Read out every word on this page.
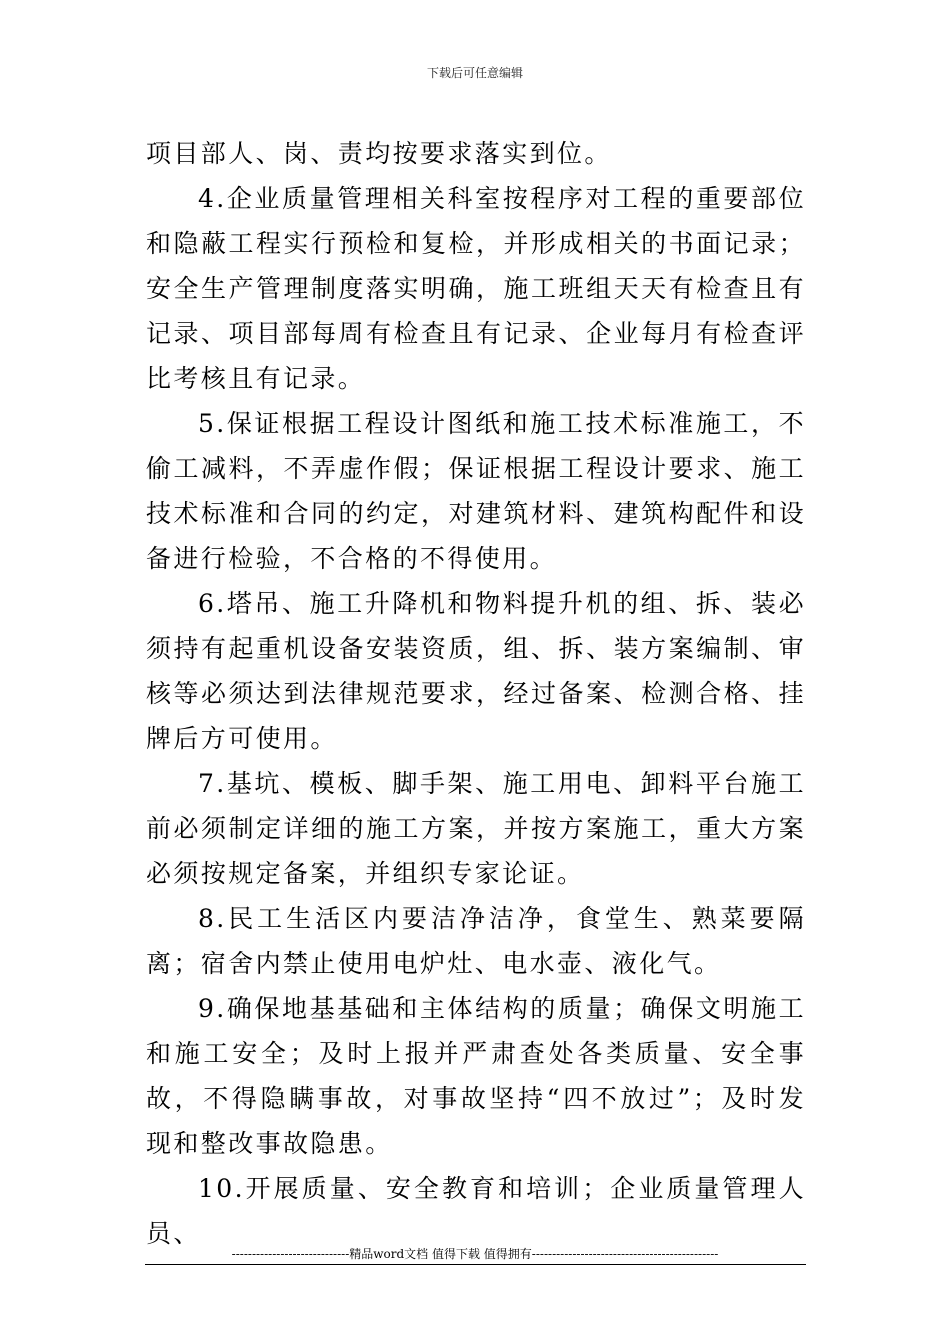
下载后可任意编辑

项目部人、岗、责均按要求落实到位。

4.企业质量管理相关科室按程序对工程的重要部位和隐蔽工程实行预检和复检，并形成相关的书面记录；安全生产管理制度落实明确，施工班组天天有检查且有记录、项目部每周有检查且有记录、企业每月有检查评比考核且有记录。

5.保证根据工程设计图纸和施工技术标准施工，不偷工减料，不弄虚作假；保证根据工程设计要求、施工技术标准和合同的约定，对建筑材料、建筑构配件和设备进行检验，不合格的不得使用。

6.塔吊、施工升降机和物料提升机的组、拆、装必须持有起重机设备安装资质，组、拆、装方案编制、审核等必须达到法律规范要求，经过备案、检测合格、挂牌后方可使用。

7.基坑、模板、脚手架、施工用电、卸料平台施工前必须制定详细的施工方案，并按方案施工，重大方案必须按规定备案，并组织专家论证。

8.民工生活区内要洁净洁净，食堂生、熟菜要隔离；宿舍内禁止使用电炉灶、电水壶、液化气。

9.确保地基基础和主体结构的质量；确保文明施工和施工安全；及时上报并严肃查处各类质量、安全事故，不得隐瞒事故，对事故坚持“四不放过”；及时发现和整改事故隐患。

10.开展质量、安全教育和培训；企业质量管理人员、

-----------------------------精品word文档 值得下载 值得拥有----------------------------------------------
